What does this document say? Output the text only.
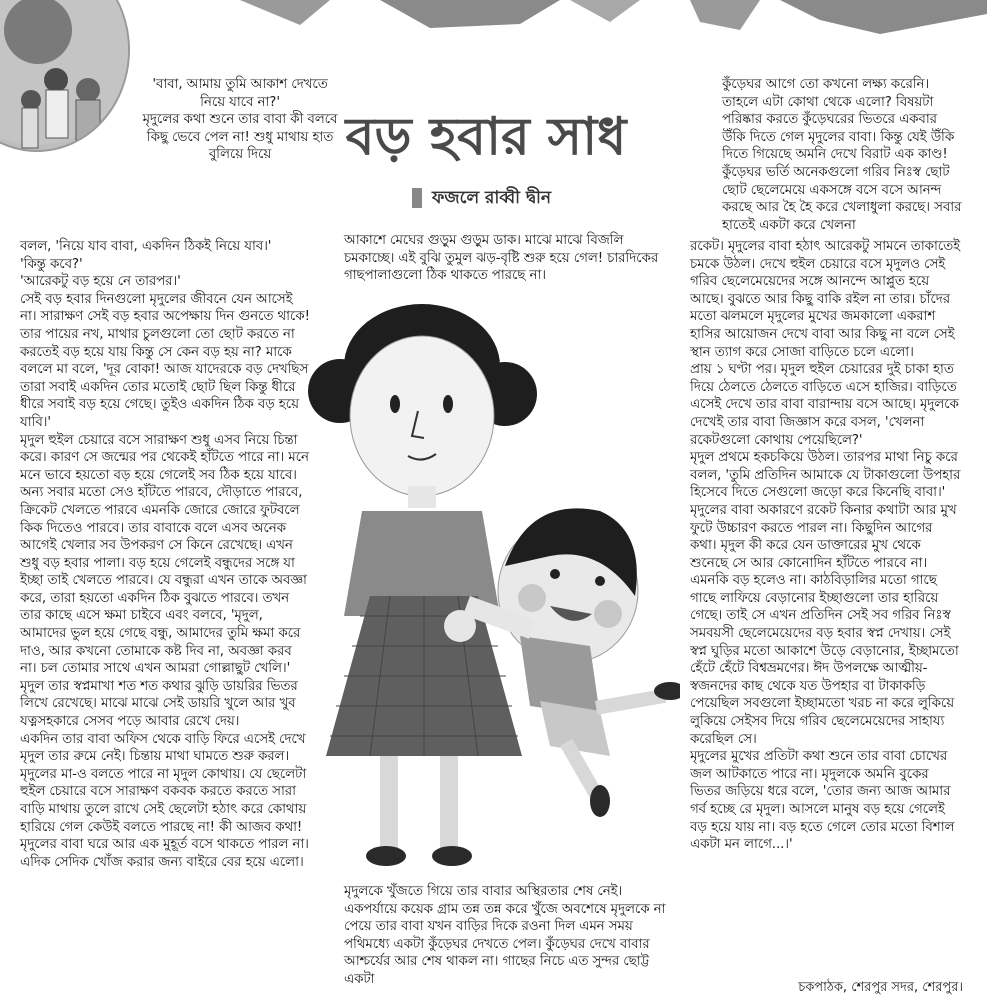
বড় হবার সাধ
ফজলে রাব্বী দ্বীন

'বাবা, আমায় তুমি আকাশ দেখতে নিয়ে যাবে না?'

মৃদুলের কথা শুনে তার বাবা কী বলবে কিছু ভেবে পেল না! শুধু মাথায় হাত বুলিয়ে দিয়ে

বলল, 'নিয়ে যাব বাবা, একদিন ঠিকই নিয়ে যাব।'

'কিন্তু কবে?'

'আরেকটু বড় হয়ে নে তারপর।'

সেই বড় হবার দিনগুলো মৃদুলের জীবনে যেন আসেই না। সারাক্ষণ সেই বড় হবার অপেক্ষায় দিন গুনতে থাকে! তার পায়ের নখ, মাথার চুলগুলো তো ছোট করতে না করতেই বড় হয়ে যায় কিন্তু সে কেন বড় হয় না? মাকে বললে মা বলে, 'দূর বোকা! আজ যাদেরকে বড় দেখছিস তারা সবাই একদিন তোর মতোই ছোট ছিল কিন্তু ধীরে ধীরে সবাই বড় হয়ে গেছে। তুইও একদিন ঠিক বড় হয়ে যাবি।'

মৃদুল হুইল চেয়ারে বসে সারাক্ষণ শুধু এসব নিয়ে চিন্তা করে। কারণ সে জন্মের পর থেকেই হাঁটতে পারে না। মনে মনে ভাবে হয়তো বড় হয়ে গেলেই সব ঠিক হয়ে যাবে। অন্য সবার মতো সেও হাঁটতে পারবে, দৌড়াতে পারবে, ক্রিকেট খেলতে পারবে এমনকি জোরে জোরে ফুটবলে কিক দিতেও পারবে। তার বাবাকে বলে এসব অনেক আগেই খেলার সব উপকরণ সে কিনে রেখেছে। এখন শুধু বড় হবার পালা। বড় হয়ে গেলেই বন্ধুদের সঙ্গে যা ইচ্ছা তাই খেলতে পারবে। যে বন্ধুরা এখন তাকে অবজ্ঞা করে, তারা হয়তো একদিন ঠিক বুঝতে পারবে। তখন তার কাছে এসে ক্ষমা চাইবে এবং বলবে, 'মৃদুল, আমাদের ভুল হয়ে গেছে বন্ধু, আমাদের তুমি ক্ষমা করে দাও, আর কখনো তোমাকে কষ্ট দিব না, অবজ্ঞা করব না। চল তোমার সাথে এখন আমরা গোল্লাছুট খেলি।'

মৃদুল তার স্বপ্নমাখা শত শত কথার ঝুড়ি ডায়রির ভিতর লিখে রেখেছে। মাঝে মাঝে সেই ডায়রি খুলে আর খুব যত্নসহকারে সেসব পড়ে আবার রেখে দেয়।

একদিন তার বাবা অফিস থেকে বাড়ি ফিরে এসেই দেখে মৃদুল তার রুমে নেই। চিন্তায় মাথা ঘামতে শুরু করল। মৃদুলের মা-ও বলতে পারে না মৃদুল কোথায়। যে ছেলেটা হুইল চেয়ারে বসে সারাক্ষণ বকবক করতে করতে সারা বাড়ি মাথায় তুলে রাখে সেই ছেলেটা হঠাৎ করে কোথায় হারিয়ে গেল কেউই বলতে পারছে না! কী আজব কথা! মৃদুলের বাবা ঘরে আর এক মুহূর্ত বসে থাকতে পারল না। এদিক সেদিক খোঁজ করার জন্য বাইরে বের হয়ে এলো।

আকাশে মেঘের গুড়ুম গুড়ুম ডাক। মাঝে মাঝে বিজলি চমকাচ্ছে। এই বুঝি তুমুল ঝড়-বৃষ্টি শুরু হয়ে গেল! চারদিকের গাছপালাগুলো ঠিক থাকতে পারছে না।
মৃদুলকে খুঁজতে গিয়ে তার বাবার অস্থিরতার শেষ নেই। একপর্যায়ে কয়েক গ্রাম তন্ন তন্ন করে খুঁজে অবশেষে মৃদুলকে না পেয়ে তার বাবা যখন বাড়ির দিকে রওনা দিল এমন সময় পথিমধ্যে একটা কুঁড়েঘর দেখতে পেল। কুঁড়েঘর দেখে বাবার আশ্চর্যের আর শেষ থাকল না। গাছের নিচে এত সুন্দর ছোট্ট একটা
কুঁড়েঘর আগে তো কখনো লক্ষ্য করেনি। তাহলে এটা কোথা থেকে এলো? বিষয়টা পরিষ্কার করতে কুঁড়েঘরের ভিতরে একবার উঁকি দিতে গেল মৃদুলের বাবা। কিন্তু যেই উঁকি দিতে গিয়েছে অমনি দেখে বিরাট এক কাণ্ড! কুঁড়েঘর ভর্তি অনেকগুলো গরিব নিঃস্ব ছোট ছোট ছেলেমেয়ে একসঙ্গে বসে বসে আনন্দ করছে আর হৈ হৈ করে খেলাধুলা করছে। সবার হাতেই একটা করে খেলনা

রকেট। মৃদুলের বাবা হঠাৎ আরেকটু সামনে তাকাতেই চমকে উঠল। দেখে হুইল চেয়ারে বসে মৃদুলও সেই গরিব ছেলেমেয়েদের সঙ্গে আনন্দে আপ্লুত হয়ে আছে। বুঝতে আর কিছু বাকি রইল না তার। চাঁদের মতো ঝলমলে মৃদুলের মুখের জমকালো একরাশ হাসির আয়োজন দেখে বাবা আর কিছু না বলে সেই স্থান ত্যাগ করে সোজা বাড়িতে চলে এলো।

প্রায় ১ ঘণ্টা পর। মৃদুল হুইল চেয়ারের দুই চাকা হাত দিয়ে ঠেলতে ঠেলতে বাড়িতে এসে হাজির। বাড়িতে এসেই দেখে তার বাবা বারান্দায় বসে আছে। মৃদুলকে দেখেই তার বাবা জিজ্ঞাস করে বসল, 'খেলনা রকেটগুলো কোথায় পেয়েছিলে?'

মৃদুল প্রথমে হকচকিয়ে উঠল। তারপর মাথা নিচু করে বলল, 'তুমি প্রতিদিন আমাকে যে টাকাগুলো উপহার হিসেবে দিতে সেগুলো জড়ো করে কিনেছি বাবা।'

মৃদুলের বাবা অকারণে রকেট কিনার কথাটা আর মুখ ফুটে উচ্চারণ করতে পারল না। কিছুদিন আগের কথা। মৃদুল কী করে যেন ডাক্তারের মুখ থেকে শুনেছে সে আর কোনোদিন হাঁটতে পারবে না। এমনকি বড় হলেও না। কাঠবিড়ালির মতো গাছে গাছে লাফিয়ে বেড়ানোর ইচ্ছাগুলো তার হারিয়ে গেছে। তাই সে এখন প্রতিদিন সেই সব গরিব নিঃস্ব সমবয়সী ছেলেমেয়েদের বড় হবার স্বপ্ন দেখায়। সেই স্বপ্ন ঘুড়ির মতো আকাশে উড়ে বেড়ানোর, ইচ্ছামতো হেঁটে হেঁটে বিশ্বভ্রমণের। ঈদ উপলক্ষে আত্মীয়-স্বজনদের কাছ থেকে যত উপহার বা টাকাকড়ি পেয়েছিল সবগুলো ইচ্ছামতো খরচ না করে লুকিয়ে লুকিয়ে সেইসব দিয়ে গরিব ছেলেমেয়েদের সাহায্য করেছিল সে।

মৃদুলের মুখের প্রতিটা কথা শুনে তার বাবা চোখের জল আটকাতে পারে না। মৃদুলকে অমনি বুকের ভিতর জড়িয়ে ধরে বলে, 'তোর জন্য আজ আমার গর্ব হচ্ছে রে মৃদুল। আসলে মানুষ বড় হয়ে গেলেই বড় হয়ে যায় না। বড় হতে গেলে তোর মতো বিশাল একটা মন লাগে...।'

চকপাঠক, শেরপুর সদর, শেরপুর।
